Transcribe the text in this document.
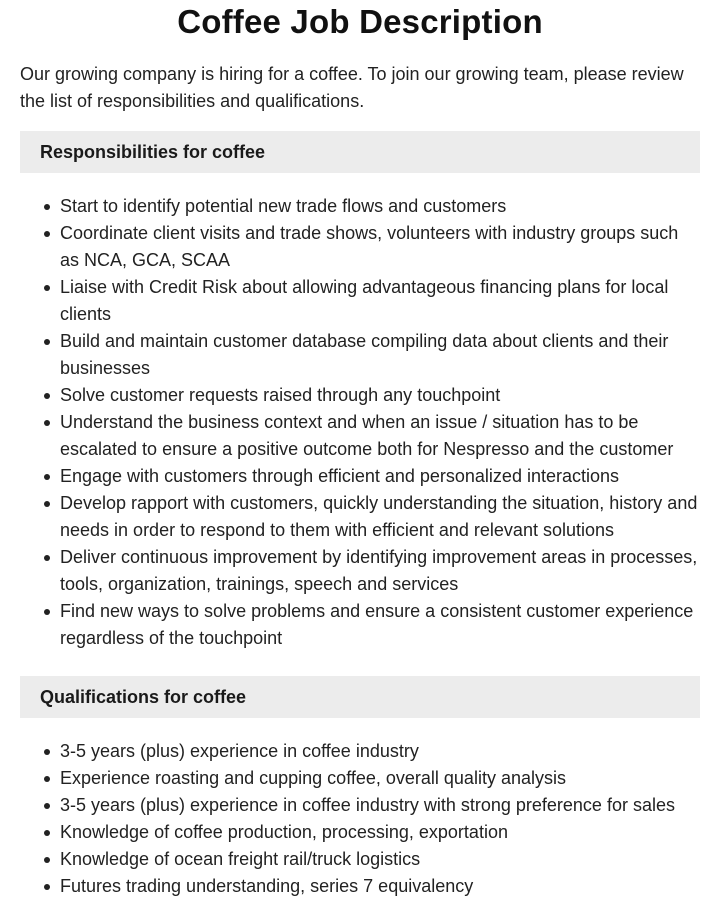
Coffee Job Description

Our growing company is hiring for a coffee. To join our growing team, please review the list of responsibilities and qualifications.

Responsibilities for coffee
Start to identify potential new trade flows and customers
Coordinate client visits and trade shows, volunteers with industry groups such as NCA, GCA, SCAA
Liaise with Credit Risk about allowing advantageous financing plans for local clients
Build and maintain customer database compiling data about clients and their businesses
Solve customer requests raised through any touchpoint
Understand the business context and when an issue / situation has to be escalated to ensure a positive outcome both for Nespresso and the customer
Engage with customers through efficient and personalized interactions
Develop rapport with customers, quickly understanding the situation, history and needs in order to respond to them with efficient and relevant solutions
Deliver continuous improvement by identifying improvement areas in processes, tools, organization, trainings, speech and services
Find new ways to solve problems and ensure a consistent customer experience regardless of the touchpoint
Qualifications for coffee
3-5 years (plus) experience in coffee industry
Experience roasting and cupping coffee, overall quality analysis
3-5 years (plus) experience in coffee industry with strong preference for sales
Knowledge of coffee production, processing, exportation
Knowledge of ocean freight rail/truck logistics
Futures trading understanding, series 7 equivalency
